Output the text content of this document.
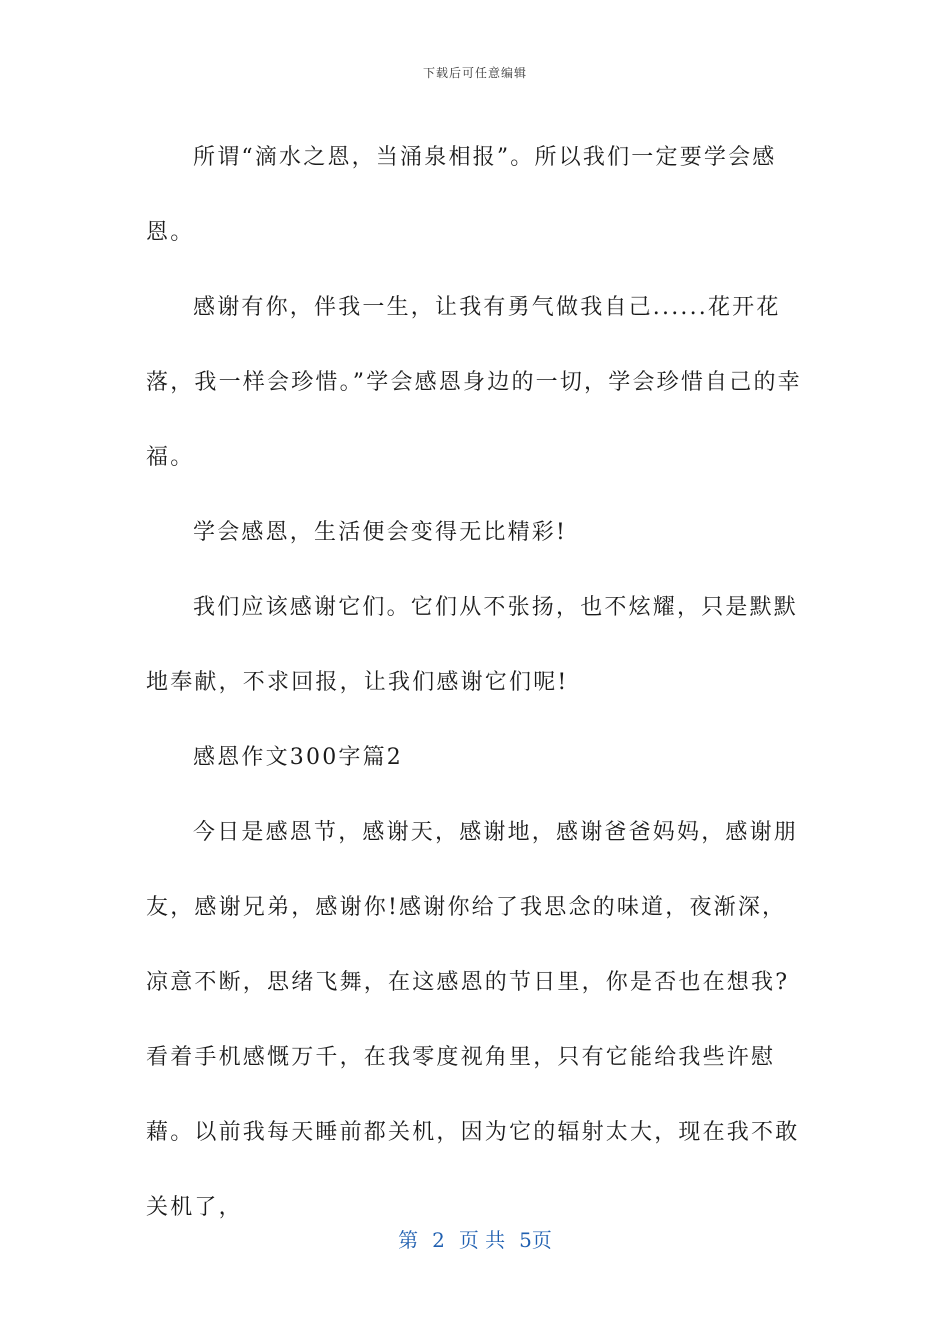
下载后可任意编辑

所谓“滴水之恩，当涌泉相报”。所以我们一定要学会感恩。

感谢有你，伴我一生，让我有勇气做我自己......花开花落，我一样会珍惜。”学会感恩身边的一切，学会珍惜自己的幸福。

学会感恩，生活便会变得无比精彩!

我们应该感谢它们。它们从不张扬，也不炫耀，只是默默地奉献，不求回报，让我们感谢它们呢!

感恩作文300字篇2

今日是感恩节，感谢天，感谢地，感谢爸爸妈妈，感谢朋友，感谢兄弟，感谢你!感谢你给了我思念的味道，夜渐深，凉意不断，思绪飞舞，在这感恩的节日里，你是否也在想我?看着手机感慨万千，在我零度视角里，只有它能给我些许慰藉。以前我每天睡前都关机，因为它的辐射太大，现在我不敢关机了，

第 2 页 共 5页
